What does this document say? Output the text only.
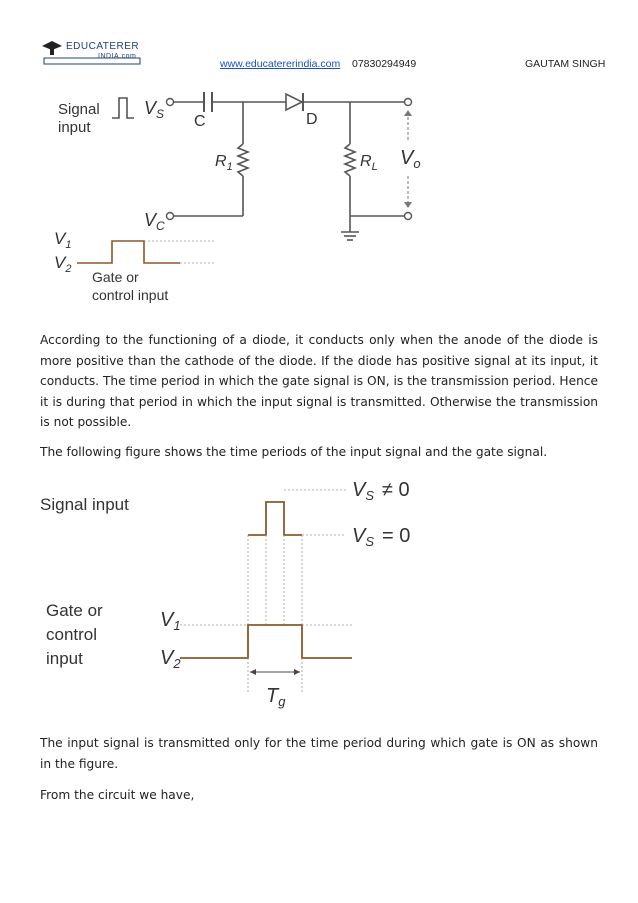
EDUCATERER
INDIA.com
www.educatererindia.com 07830294949	GAUTAM SINGH
Signal
input
$V_S$ C	D
$R_1$	$R_L$ $V_o$
$V_C$
$V_1$
$V_2$ Gate or
control input

According to the functioning of a diode, it conducts only when the anode of the diode is more positive than the cathode of the diode. If the diode has positive signal at its input, it conducts. The time period in which the gate signal is ON, is the transmission period. Hence it is during that period in which the input signal is transmitted. Otherwise the transmission is not possible.

The following figure shows the time periods of the input signal and the gate signal.

Signal input
$V_S \ne 0$
$V_S = 0$
Gate or
control
input
$V_1$
$V_2$
$T_g$

The input signal is transmitted only for the time period during which gate is ON as shown in the figure.

From the circuit we have,
